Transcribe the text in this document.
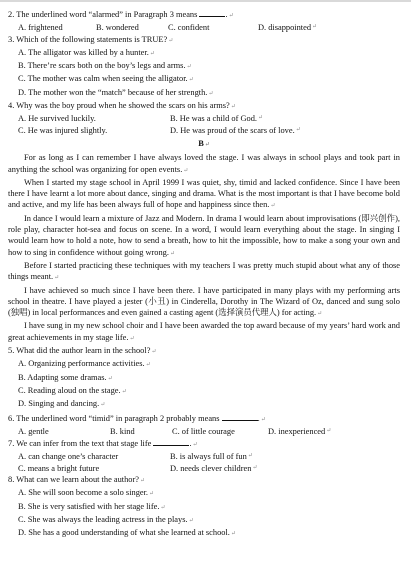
2. The underlined word “alarmed” in Paragraph 3 means	.↵
A. frightened	B. wondered	C. confident	D. disappointed ↵
3. Which of the following statements is TRUE?↵
A. The alligator was killed by a hunter.↵
B. There’re scars both on the boy’s legs and arms.↵
C. The mother was calm when seeing the alligator.↵
D. The mother won the “match” because of her strength.↵
4. Why was the boy proud when he showed the scars on his arms?↵
A. He survived luckily.	B. He was a child of God. ↵
C. He was injured slightly.	D. He was proud of the scars of love. ↵
B↵
For as long as I can remember I have always loved the stage. I was always in school plays and took part in anything the school was organizing for open events.↵
When I started my stage school in April 1999 I was quiet, shy, timid and lacked confidence. Since I have been there I have learnt a lot more about dance, singing and drama. What is the most important is that I have become bold and active, and my life has been always full of hope and happiness since then.↵
In dance I would learn a mixture of Jazz and Modern. In drama I would learn about improvisations (即兴创作), role play, character hot-sea and focus on scene. In a word, I would learn everything about the stage. In singing I would learn how to hold a note, how to send a breath, how to hit the impossible, how to make a song your own and how to sing in confidence without going wrong.↵
Before I started practicing these techniques with my teachers I was pretty much stupid about what any of those things meant.↵
I have achieved so much since I have been there. I have participated in many plays with my performing arts school in theatre. I have played a jester (小丑) in Cinderella, Dorothy in The Wizard of Oz, danced and sung solo (独唱) in local performances and even gained a casting agent (选择演员代理人) for acting.↵
I have sung in my new school choir and I have been awarded the top award because of my years’ hard work and great achievements in my stage life.↵
5. What did the author learn in the school?↵
A. Organizing performance activities.↵
B. Adapting some dramas.↵
C. Reading aloud on the stage.↵
D. Singing and dancing.↵
6. The underlined word “timid” in paragraph 2 probably means	.↵
A. gentle	B. kind	C. of little courage	D. inexperienced ↵
7. We can infer from the text that stage life	.↵
A. can change one’s character	B. is always full of fun ↵
C. means a bright future	D. needs clever children ↵
8. What can we learn about the author?↵
A. She will soon become a solo singer.↵
B. She is very satisfied with her stage life.↵
C. She was always the leading actress in the plays.↵
D. She has a good understanding of what she learned at school.↵
